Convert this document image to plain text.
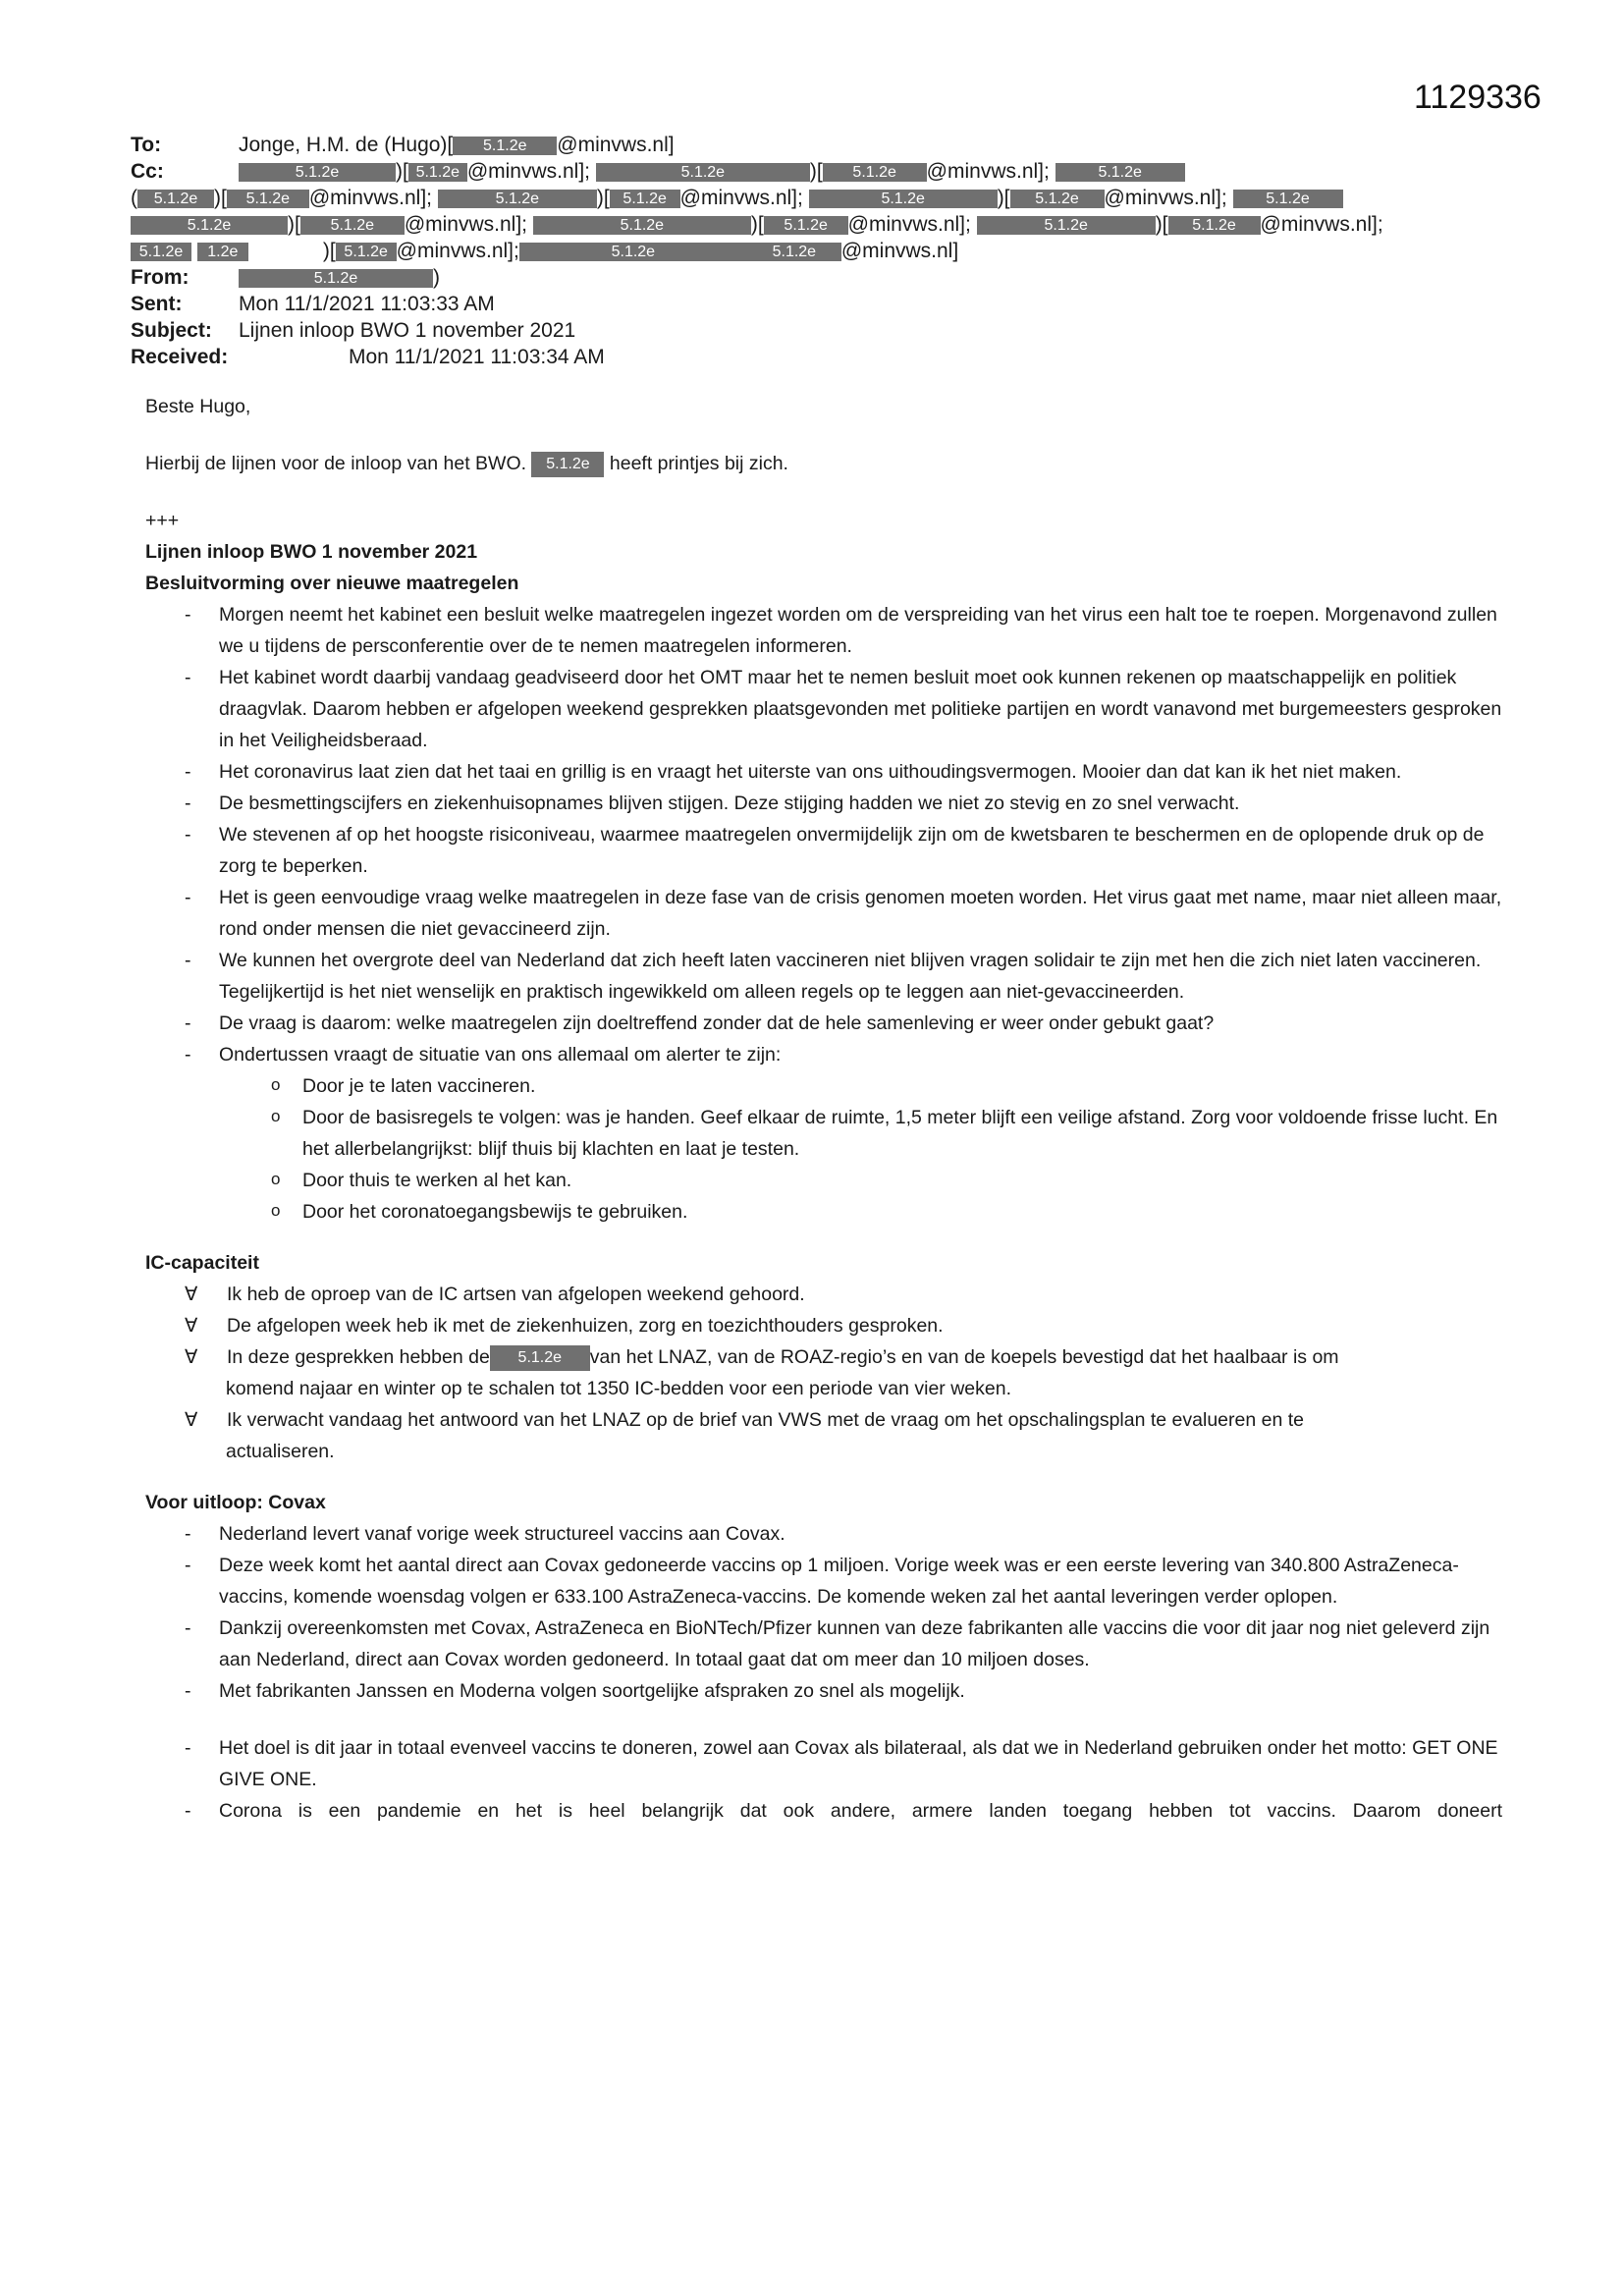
1129336
To:	Jonge, H.M. de (Hugo)[ 5.1.2e @minvws.nl]
Cc:	5.1.2e	)[ 5.1.2e @minvws.nl];	5.1.2e	)[ 5.1.2e @minvws.nl];	5.1.2e
( 5.1.2e )[ 5.1.2e @minvws.nl];	5.1.2e	)[ 5.1.2e @minvws.nl];	5.1.2e	)[ 5.1.2e @minvws.nl]; 5.1.2e
5.1.2e	)[ 5.1.2e @minvws.nl];	5.1.2e	)[ 5.1.2e @minvws.nl];	5.1.2e	)[ 5.1.2e @minvws.nl];
5.1.2e 1.2e	)[ 5.1.2e @minvws.nl];	5.1.2e	5.1.2e @minvws.nl]
From:	5.1.2e	)
Sent:	Mon 11/1/2021 11:03:33 AM
Subject:	Lijnen inloop BWO 1 november 2021
Received:	Mon 11/1/2021 11:03:34 AM

Beste Hugo,

Hierbij de lijnen voor de inloop van het BWO. 5.1.2e heeft printjes bij zich.

+++

Lijnen inloop BWO 1 november 2021

Besluitvorming over nieuwe maatregelen

- Morgen neemt het kabinet een besluit welke maatregelen ingezet worden om de verspreiding van het virus een halt toe te roepen. Morgenavond zullen we u tijdens de persconferentie over de te nemen maatregelen informeren.
- Het kabinet wordt daarbij vandaag geadviseerd door het OMT maar het te nemen besluit moet ook kunnen rekenen op maatschappelijk en politiek draagvlak. Daarom hebben er afgelopen weekend gesprekken plaatsgevonden met politieke partijen en wordt vanavond met burgemeesters gesproken in het Veiligheidsberaad.
- Het coronavirus laat zien dat het taai en grillig is en vraagt het uiterste van ons uithoudingsvermogen. Mooier dan dat kan ik het niet maken.
- De besmettingscijfers en ziekenhuisopnames blijven stijgen. Deze stijging hadden we niet zo stevig en zo snel verwacht.
- We stevenen af op het hoogste risiconiveau, waarmee maatregelen onvermijdelijk zijn om de kwetsbaren te beschermen en de oplopende druk op de zorg te beperken.
- Het is geen eenvoudige vraag welke maatregelen in deze fase van de crisis genomen moeten worden. Het virus gaat met name, maar niet alleen maar, rond onder mensen die niet gevaccineerd zijn.
- We kunnen het overgrote deel van Nederland dat zich heeft laten vaccineren niet blijven vragen solidair te zijn met hen die zich niet laten vaccineren. Tegelijkertijd is het niet wenselijk en praktisch ingewikkeld om alleen regels op te leggen aan niet-gevaccineerden.
- De vraag is daarom: welke maatregelen zijn doeltreffend zonder dat de hele samenleving er weer onder gebukt gaat?
- Ondertussen vraagt de situatie van ons allemaal om alerter te zijn:
o Door je te laten vaccineren.
o Door de basisregels te volgen: was je handen. Geef elkaar de ruimte, 1,5 meter blijft een veilige afstand. Zorg voor voldoende frisse lucht. En het allerbelangrijkst: blijf thuis bij klachten en laat je testen.
o Door thuis te werken al het kan.
o Door het coronatoegangsbewijs te gebruiken.

IC-capaciteit

∀ Ik heb de oproep van de IC artsen van afgelopen weekend gehoord.
∀ De afgelopen week heb ik met de ziekenhuizen, zorg en toezichthouders gesproken.
∀ In deze gesprekken hebben de 5.1.2e van het LNAZ, van de ROAZ-regio’s en van de koepels bevestigd dat het haalbaar is om

komend najaar en winter op te schalen tot 1350 IC-bedden voor een periode van vier weken.

∀ Ik verwacht vandaag het antwoord van het LNAZ op de brief van VWS met de vraag om het opschalingsplan te evalueren en te

actualiseren.

Voor uitloop: Covax

- Nederland levert vanaf vorige week structureel vaccins aan Covax.
- Deze week komt het aantal direct aan Covax gedoneerde vaccins op 1 miljoen. Vorige week was er een eerste levering van 340.800 AstraZeneca-vaccins, komende woensdag volgen er 633.100 AstraZeneca-vaccins. De komende weken zal het aantal leveringen verder oplopen.
- Dankzij overeenkomsten met Covax, AstraZeneca en BioNTech/Pfizer kunnen van deze fabrikanten alle vaccins die voor dit jaar nog niet geleverd zijn aan Nederland, direct aan Covax worden gedoneerd. In totaal gaat dat om meer dan 10 miljoen doses.
- Met fabrikanten Janssen en Moderna volgen soortgelijke afspraken zo snel als mogelijk.
- Het doel is dit jaar in totaal evenveel vaccins te doneren, zowel aan Covax als bilateraal, als dat we in Nederland gebruiken onder het motto: GET ONE GIVE ONE.
- Corona is een pandemie en het is heel belangrijk dat ook andere, armere landen toegang hebben tot vaccins. Daarom doneert
